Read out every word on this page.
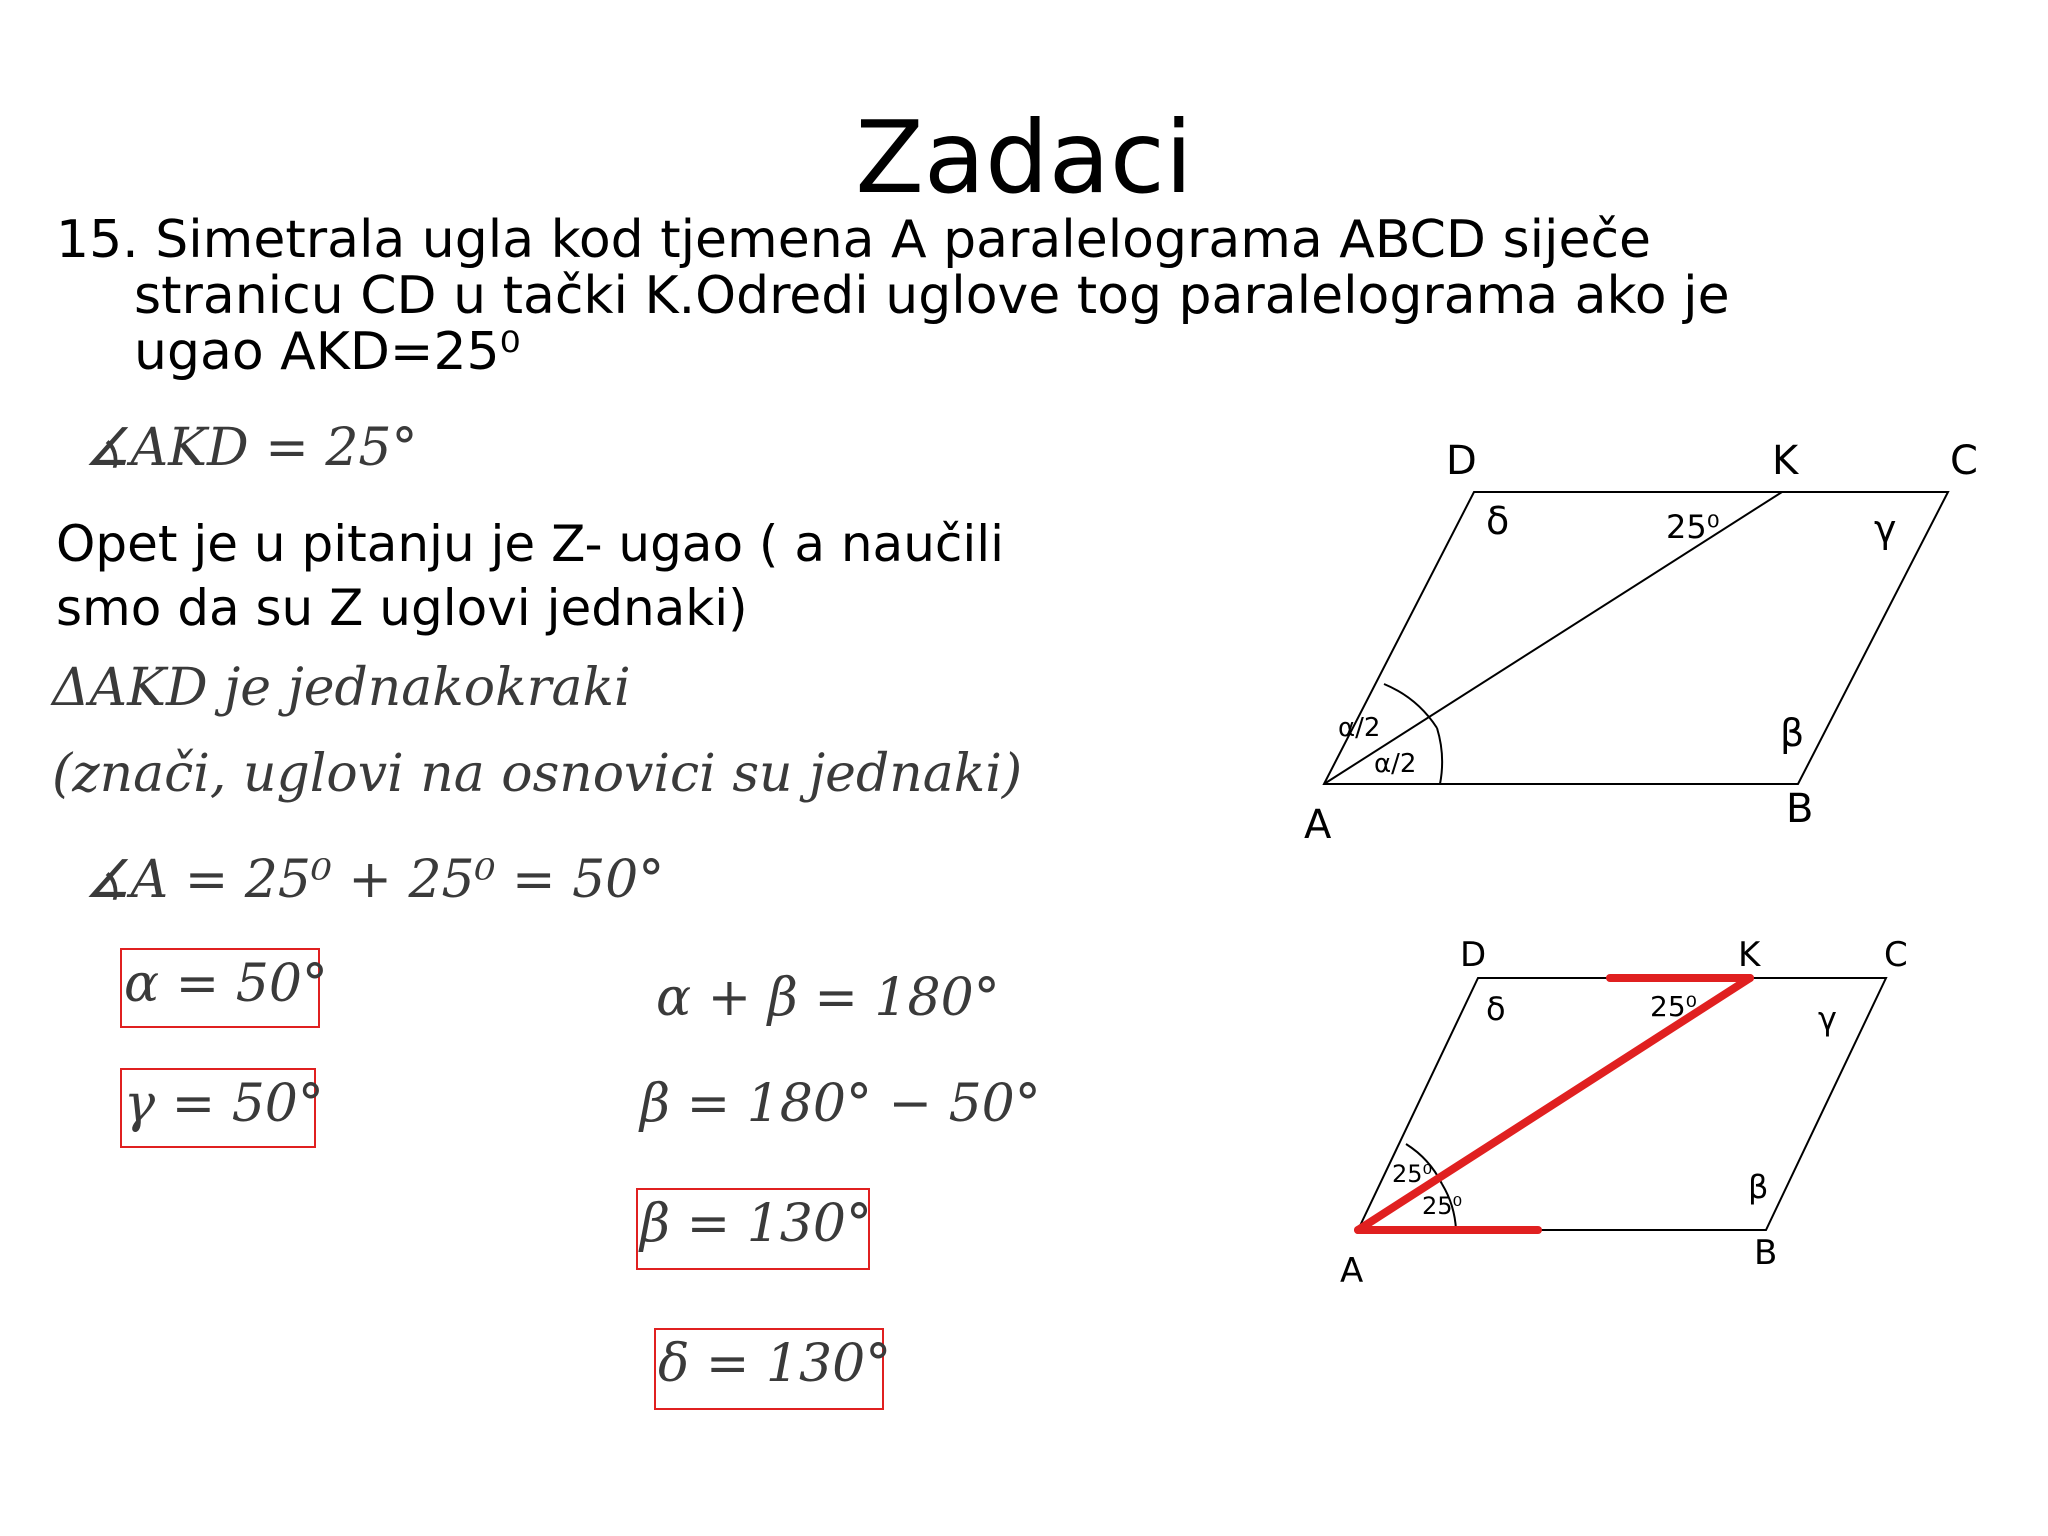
Zadaci
15. Simetrala ugla kod tjemena A paralelograma ABCD siječe
stranicu CD u tački K.Odredi uglove tog paralelograma ako je
ugao AKD=25⁰
∡AKD = 25°
Opet je u pitanju je Z- ugao ( a naučili
smo da su Z uglovi jednaki)
ΔAKD je jednakokraki
(znači, uglovi na osnovici su jednaki)
∡A = 25⁰ + 25⁰ = 50°
α = 50°
γ = 50°
α + β = 180°
β = 180° − 50°
β = 130°
δ = 130°
D	K	C
A	B
δ	γ
β
25⁰
α/2
α/2
D	K	C
A	B
δ	γ
β
25⁰
25⁰
25⁰
